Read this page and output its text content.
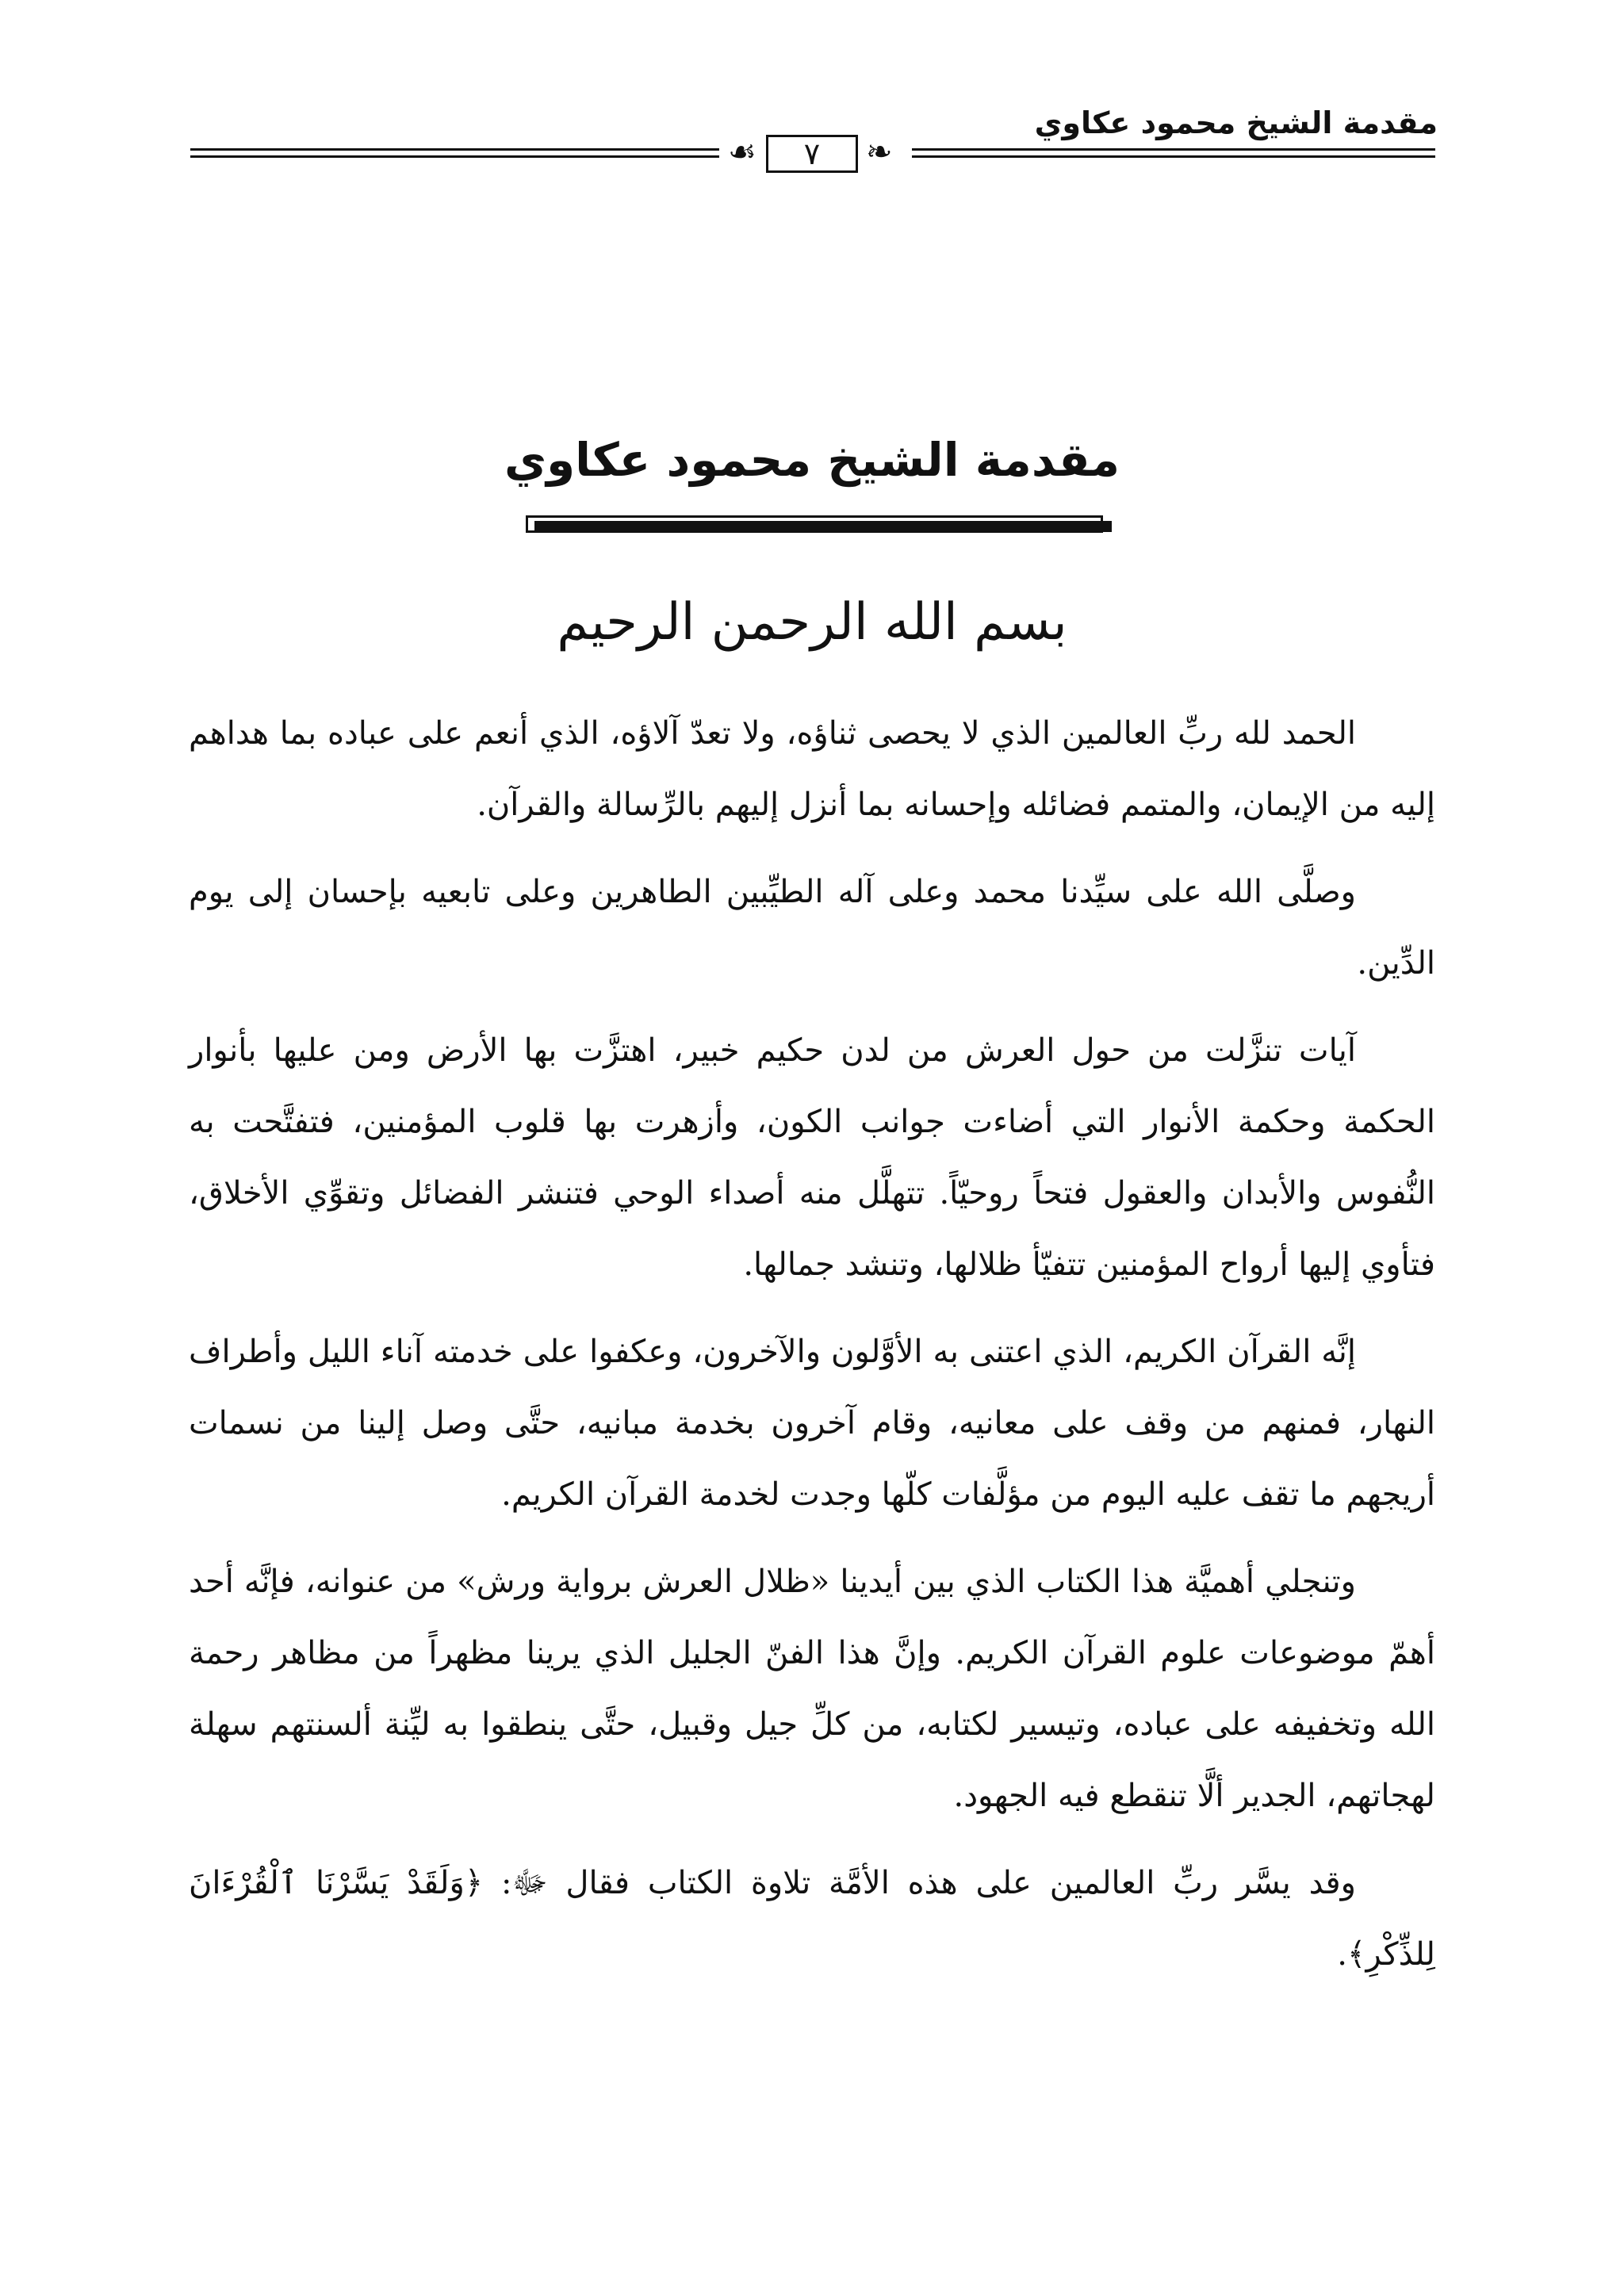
مقدمة الشيخ محمود عكاوي
❧
☙	٧
مقدمة الشيخ محمود عكاوي
بسم الله الرحمن الرحيم

الحمد لله ربِّ العالمين الذي لا يحصى ثناؤه، ولا تعدّ آلاؤه، الذي أنعم على عباده بما هداهم إليه من الإيمان، والمتمم فضائله وإحسانه بما أنزل إليهم بالرِّسالة والقرآن.

وصلَّى الله على سيِّدنا محمد وعلى آله الطيِّبين الطاهرين وعلى تابعيه بإحسان إلى يوم الدِّين.

آيات تنزَّلت من حول العرش من لدن حكيم خبير، اهتزَّت بها الأرض ومن عليها بأنوار الحكمة وحكمة الأنوار التي أضاءت جوانب الكون، وأزهرت بها قلوب المؤمنين، فتفتَّحت به النُّفوس والأبدان والعقول فتحاً روحيّاً. تتهلَّل منه أصداء الوحي فتنشر الفضائل وتقوِّي الأخلاق، فتأوي إليها أرواح المؤمنين تتفيّأ ظلالها، وتنشد جمالها.

إنَّه القرآن الكريم، الذي اعتنى به الأوَّلون والآخرون، وعكفوا على خدمته آناء الليل وأطراف النهار، فمنهم من وقف على معانيه، وقام آخرون بخدمة مبانيه، حتَّى وصل إلينا من نسمات أريجهم ما تقف عليه اليوم من مؤلَّفات كلّها وجدت لخدمة القرآن الكريم.

وتنجلي أهميَّة هذا الكتاب الذي بين أيدينا «ظلال العرش برواية ورش» من عنوانه، فإنَّه أحد أهمّ موضوعات علوم القرآن الكريم. وإنَّ هذا الفنّ الجليل الذي يرينا مظهراً من مظاهر رحمة الله وتخفيفه على عباده، وتيسير لكتابه، من كلِّ جيل وقبيل، حتَّى ينطقوا به ليِّنة ألسنتهم سهلة لهجاتهم، الجدير ألَّا تنقطع فيه الجهود.

وقد يسَّر ربِّ العالمين على هذه الأمَّة تلاوة الكتاب فقال ﷻ: ﴿وَلَقَدْ يَسَّرْنَا ٱلْقُرْءَانَ لِلذِّكْرِ﴾.
